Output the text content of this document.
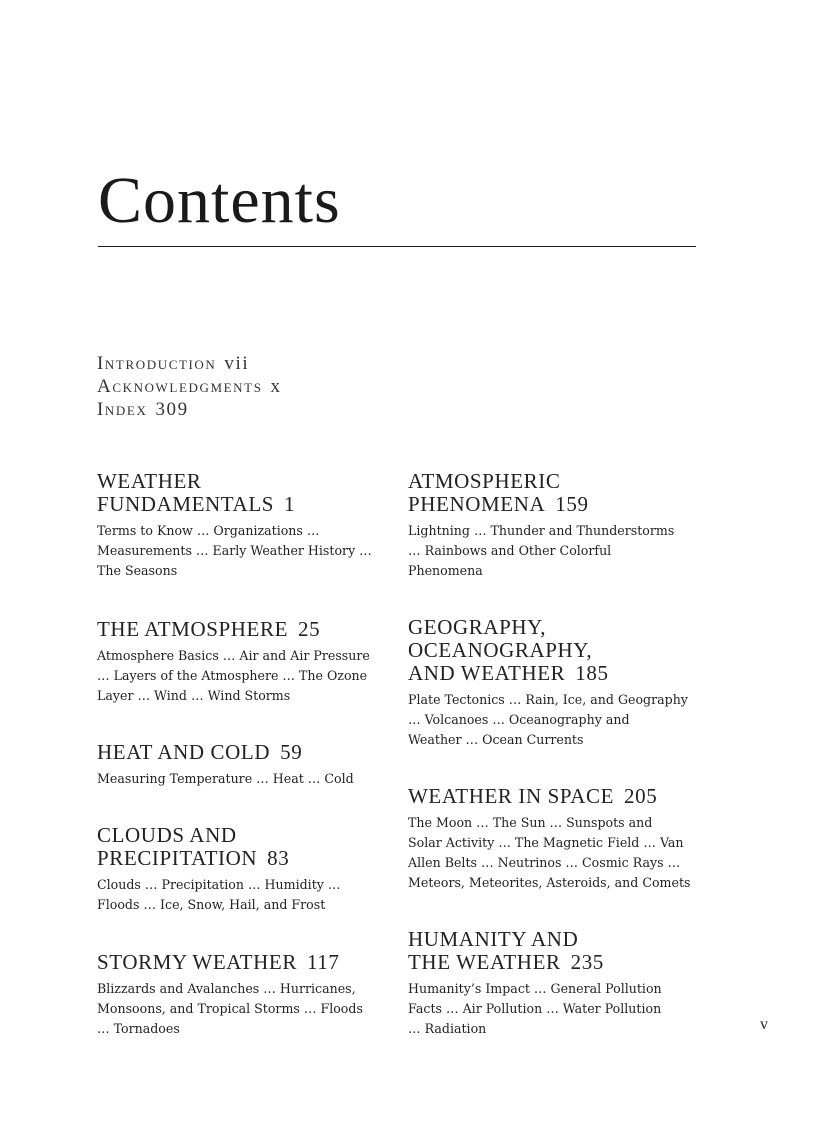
Contents
Introduction vii
Acknowledgments x
Index 309
WEATHER
FUNDAMENTALS 1
Terms to Know … Organizations …
Measurements … Early Weather History …
The Seasons
THE ATMOSPHERE 25
Atmosphere Basics … Air and Air Pressure
… Layers of the Atmosphere … The Ozone
Layer … Wind … Wind Storms
HEAT AND COLD 59
Measuring Temperature … Heat … Cold
CLOUDS AND
PRECIPITATION 83
Clouds … Precipitation … Humidity …
Floods … Ice, Snow, Hail, and Frost
STORMY WEATHER 117
Blizzards and Avalanches … Hurricanes,
Monsoons, and Tropical Storms … Floods
… Tornadoes
ATMOSPHERIC
PHENOMENA 159
Lightning … Thunder and Thunderstorms
… Rainbows and Other Colorful
Phenomena
GEOGRAPHY,
OCEANOGRAPHY,
AND WEATHER 185
Plate Tectonics … Rain, Ice, and Geography
… Volcanoes … Oceanography and
Weather … Ocean Currents
WEATHER IN SPACE 205
The Moon … The Sun … Sunspots and
Solar Activity … The Magnetic Field … Van
Allen Belts … Neutrinos … Cosmic Rays …
Meteors, Meteorites, Asteroids, and Comets
HUMANITY AND
THE WEATHER 235
Humanity’s Impact … General Pollution
Facts … Air Pollution … Water Pollution
… Radiation	v
